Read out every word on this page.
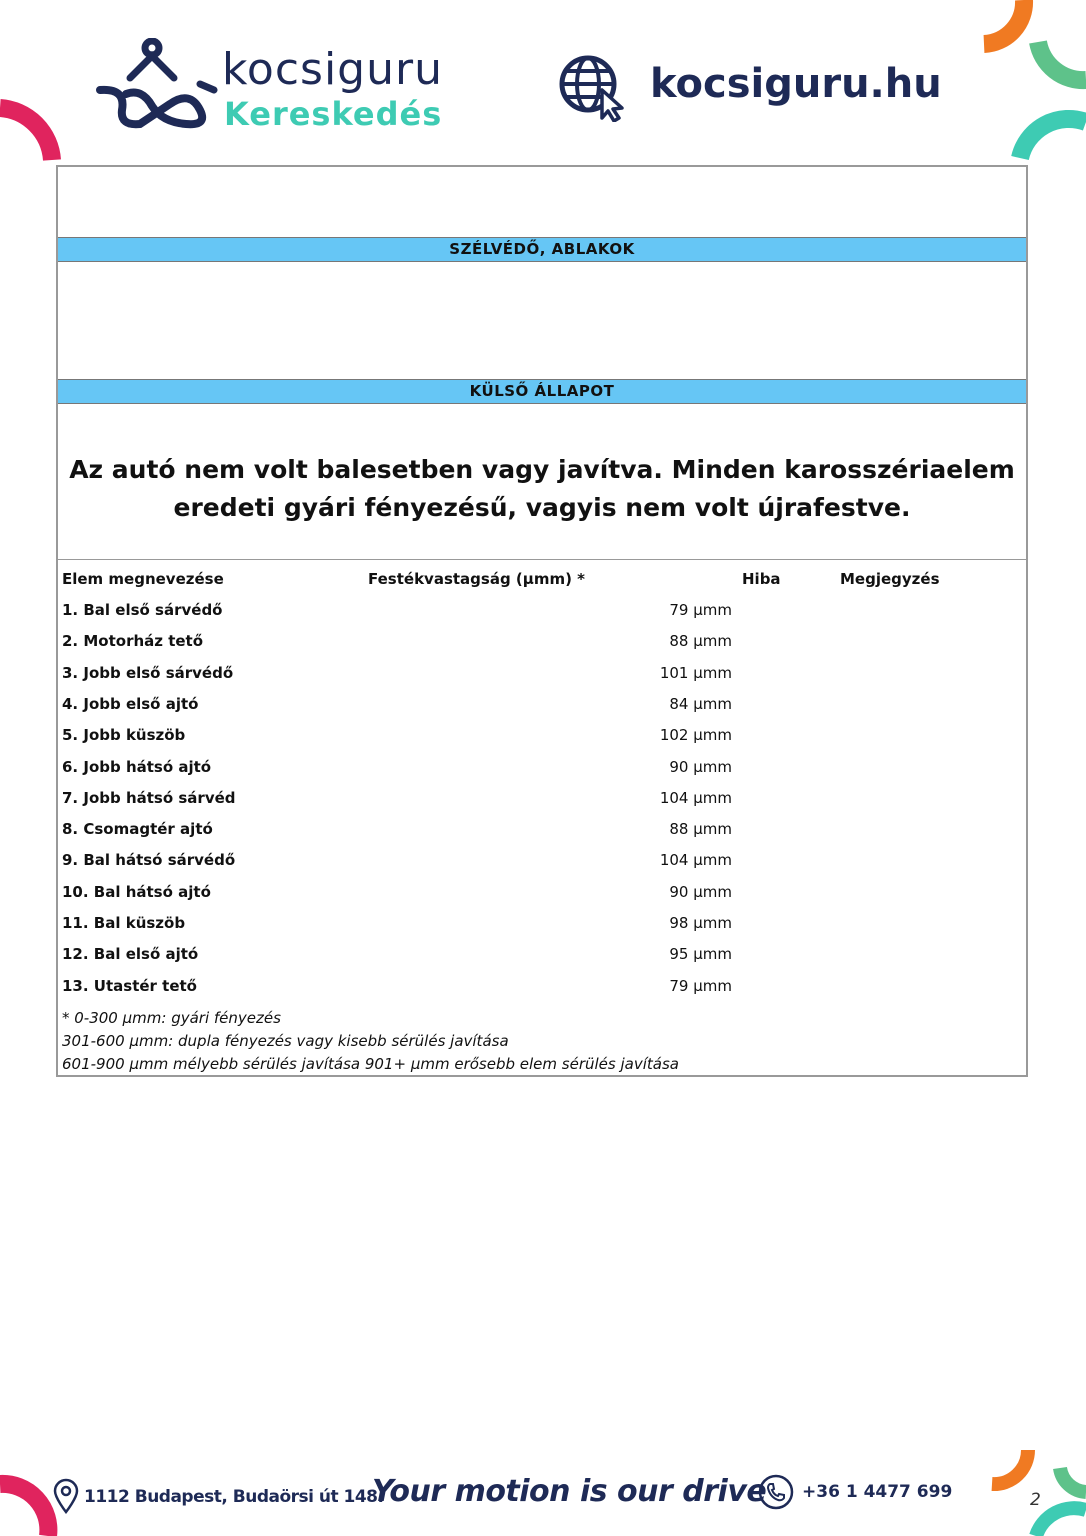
kocsiguru
Kereskedés
kocsiguru.hu
SZÉLVÉDŐ, ABLAKOK
KÜLSŐ ÁLLAPOT
Az autó nem volt balesetben vagy javítva. Minden karosszériaelem
eredeti gyári fényezésű, vagyis nem volt újrafestve.
Elem megnevezése	Festékvastagság (µmm) *	Hiba	Megjegyzés
1. Bal első sárvédő	79 µmm
2. Motorház tető	88 µmm
3. Jobb első sárvédő	101 µmm
4. Jobb első ajtó	84 µmm
5. Jobb küszöb	102 µmm
6. Jobb hátsó ajtó	90 µmm
7. Jobb hátsó sárvéd	104 µmm
8. Csomagtér ajtó	88 µmm
9. Bal hátsó sárvédő	104 µmm
10. Bal hátsó ajtó	90 µmm
11. Bal küszöb	98 µmm
12. Bal első ajtó	95 µmm
13. Utastér tető	79 µmm
* 0-300 µmm: gyári fényezés
301-600 µmm: dupla fényezés vagy kisebb sérülés javítása
601-900 µmm mélyebb sérülés javítása 901+ µmm erősebb elem sérülés javítása
1112 Budapest, Budaörsi út 148.
Your motion is our drive +36 1 4477 699	2
